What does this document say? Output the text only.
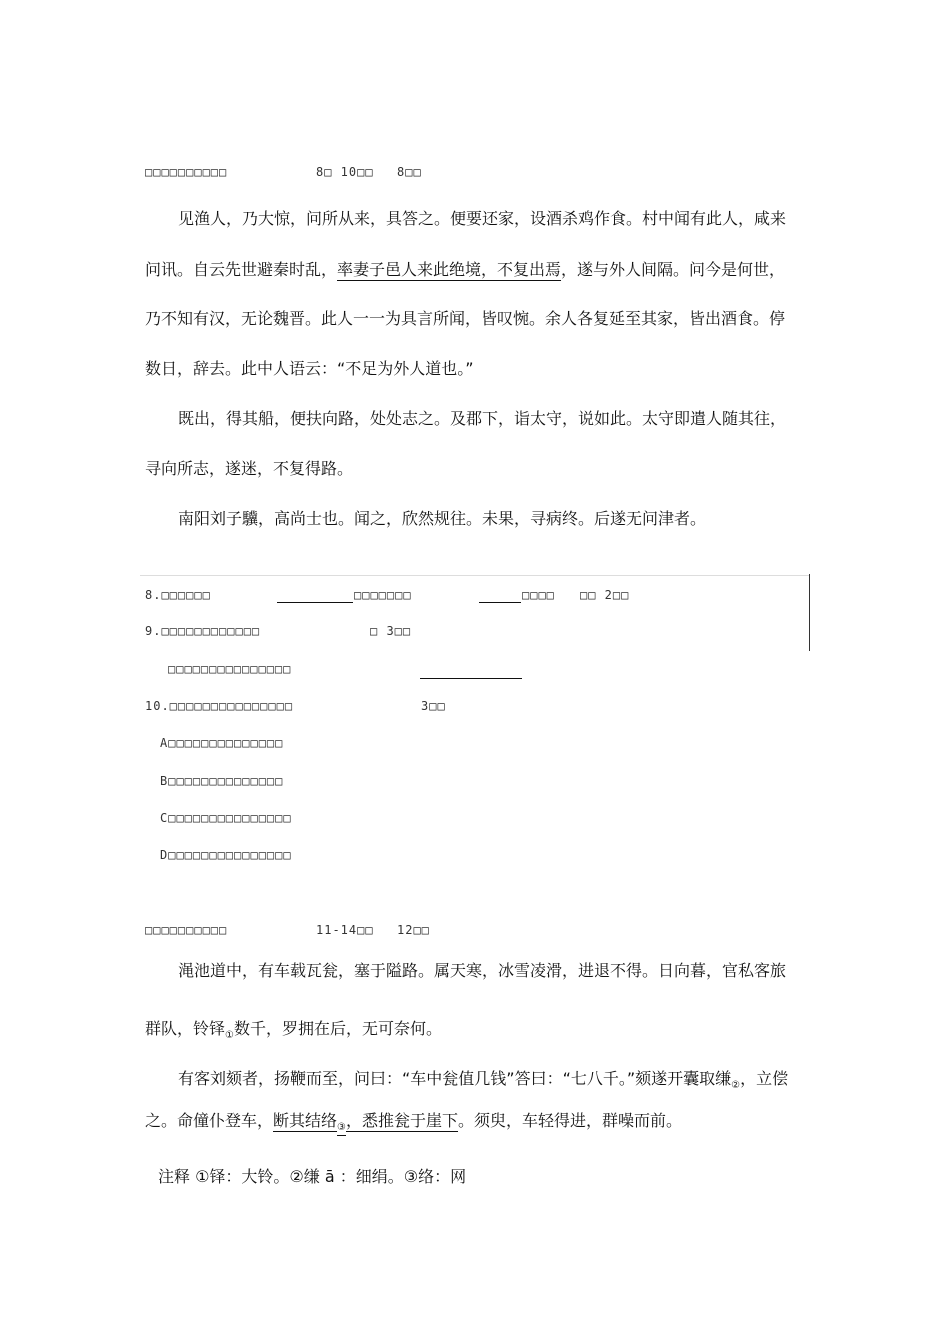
□□□□□□□□□□	8□ 10□□ 8□□
见渔人，乃大惊，问所从来，具答之。便要还家，设酒杀鸡作食。村中闻有此人，咸来
问讯。自云先世避秦时乱，率妻子邑人来此绝境，不复出焉，遂与外人间隔。问今是何世，
乃不知有汉，无论魏晋。此人一一为具言所闻，皆叹惋。余人各复延至其家，皆出酒食。停
数日，辞去。此中人语云：“不足为外人道也。”
既出，得其船，便扶向路，处处志之。及郡下，诣太守，说如此。太守即遣人随其往，
寻向所志，遂迷，不复得路。
南阳刘子驥，高尚士也。闻之，欣然规往。未果，寻病终。后遂无问津者。
8.□□□□□□	□□□□□□□	□□□□ □□ 2□□
9.□□□□□□□□□□□□	□ 3□□
□□□□□□□□□□□□□□□
10.□□□□□□□□□□□□□□□	3□□
A□□□□□□□□□□□□□□
B□□□□□□□□□□□□□□
C□□□□□□□□□□□□□□□
D□□□□□□□□□□□□□□□
□□□□□□□□□□	11-14□□ 12□□
渑池道中，有车载瓦瓮，塞于隘路。属天寒，冰雪凌滑，进退不得。日向暮，官私客旅
群队，铃铎$_①$数千，罗拥在后，无可奈何。
有客刘颏者，扬鞭而至，问曰：“车中瓮值几钱”答曰：“七八千。”颏遂开囊取缣$_②$，立偿
之。命僮仆登车，断其结络$_③$，悉推瓮于崖下。须臾，车轻得进，群噪而前。
注释 ①铎：大铃。②缣 ā ：细绢。③络：网
